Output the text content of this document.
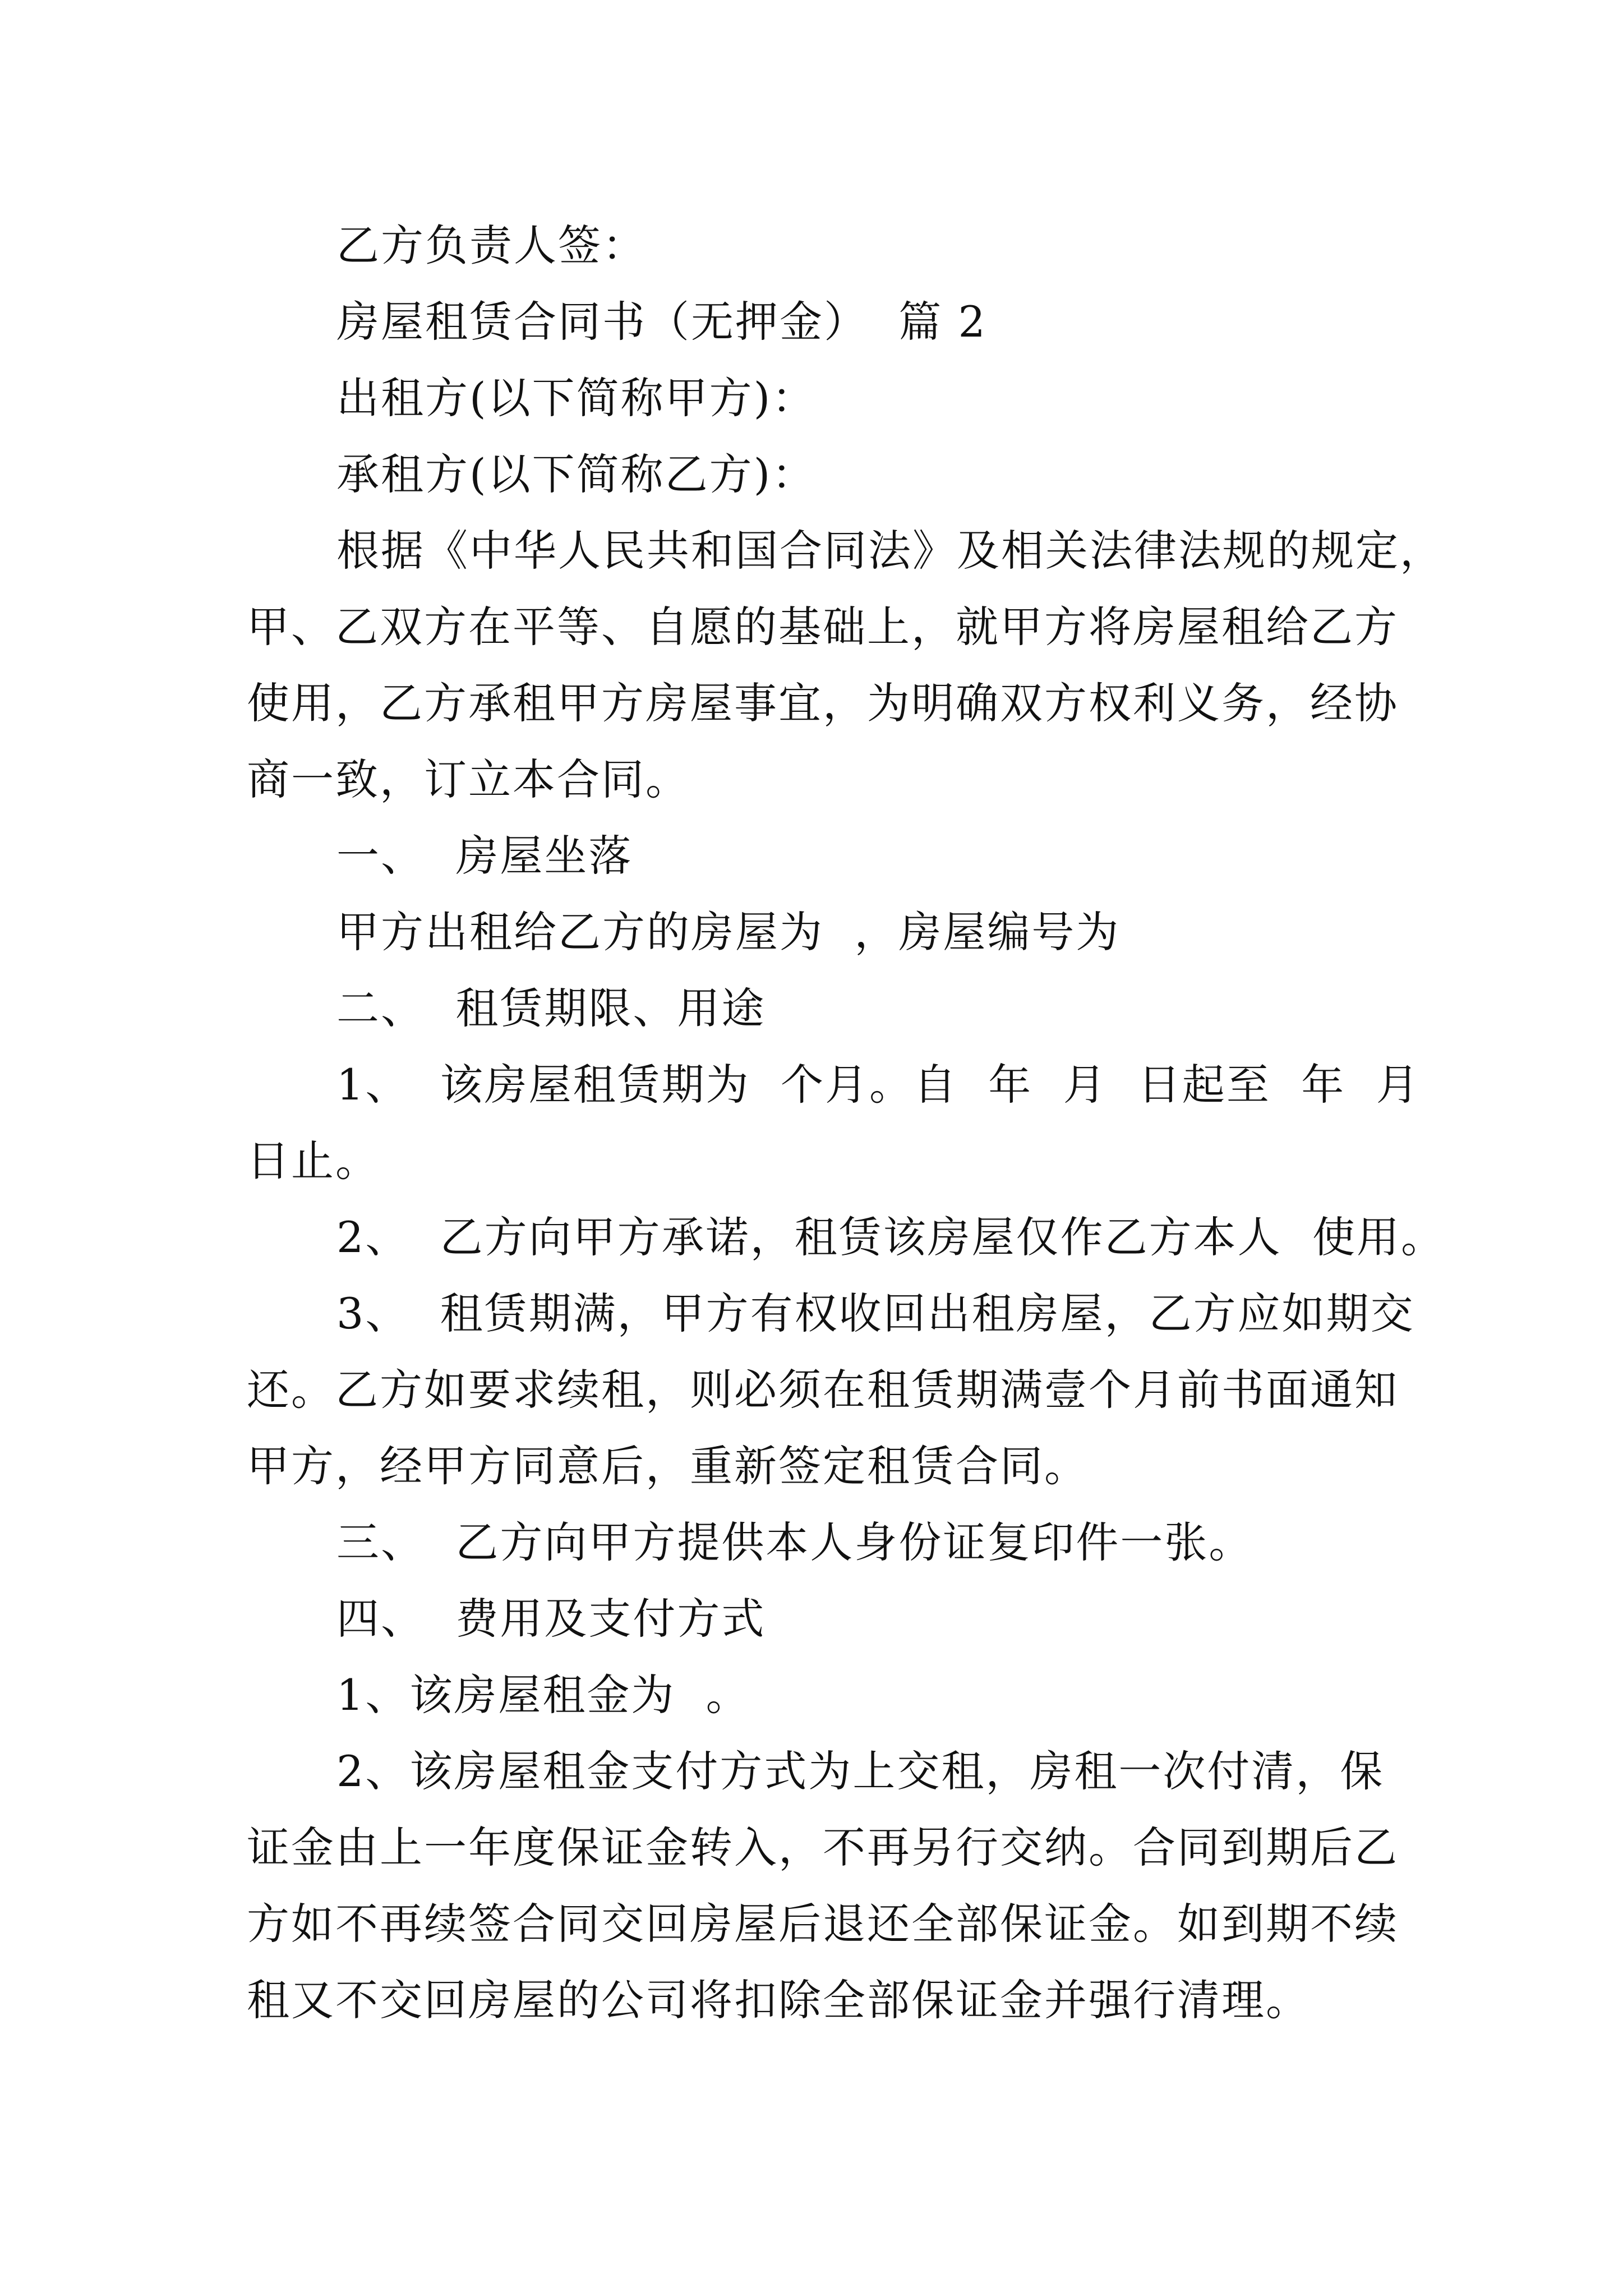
乙方负责人签：
房屋租赁合同书（无押金）  篇 2
出租方(以下简称甲方)：
承租方(以下简称乙方)：
根据《中华人民共和国合同法》及相关法律法规的规定，
甲、乙双方在平等、自愿的基础上，就甲方将房屋租给乙方
使用，乙方承租甲方房屋事宜，为明确双方权利义务，经协
商一致，订立本合同。
一、  房屋坐落
甲方出租给乙方的房屋为  ，房屋编号为
二、  租赁期限、用途
1、  该房屋租赁期为  个月。自  年  月  日起至  年  月
日止。
2、  乙方向甲方承诺，租赁该房屋仅作乙方本人  使用。
3、  租赁期满，甲方有权收回出租房屋，乙方应如期交
还。乙方如要求续租，则必须在租赁期满壹个月前书面通知
甲方，经甲方同意后，重新签定租赁合同。
三、  乙方向甲方提供本人身份证复印件一张。
四、  费用及支付方式
1、该房屋租金为  。
2、该房屋租金支付方式为上交租，房租一次付清，保
证金由上一年度保证金转入，不再另行交纳。合同到期后乙
方如不再续签合同交回房屋后退还全部保证金。如到期不续
租又不交回房屋的公司将扣除全部保证金并强行清理。
